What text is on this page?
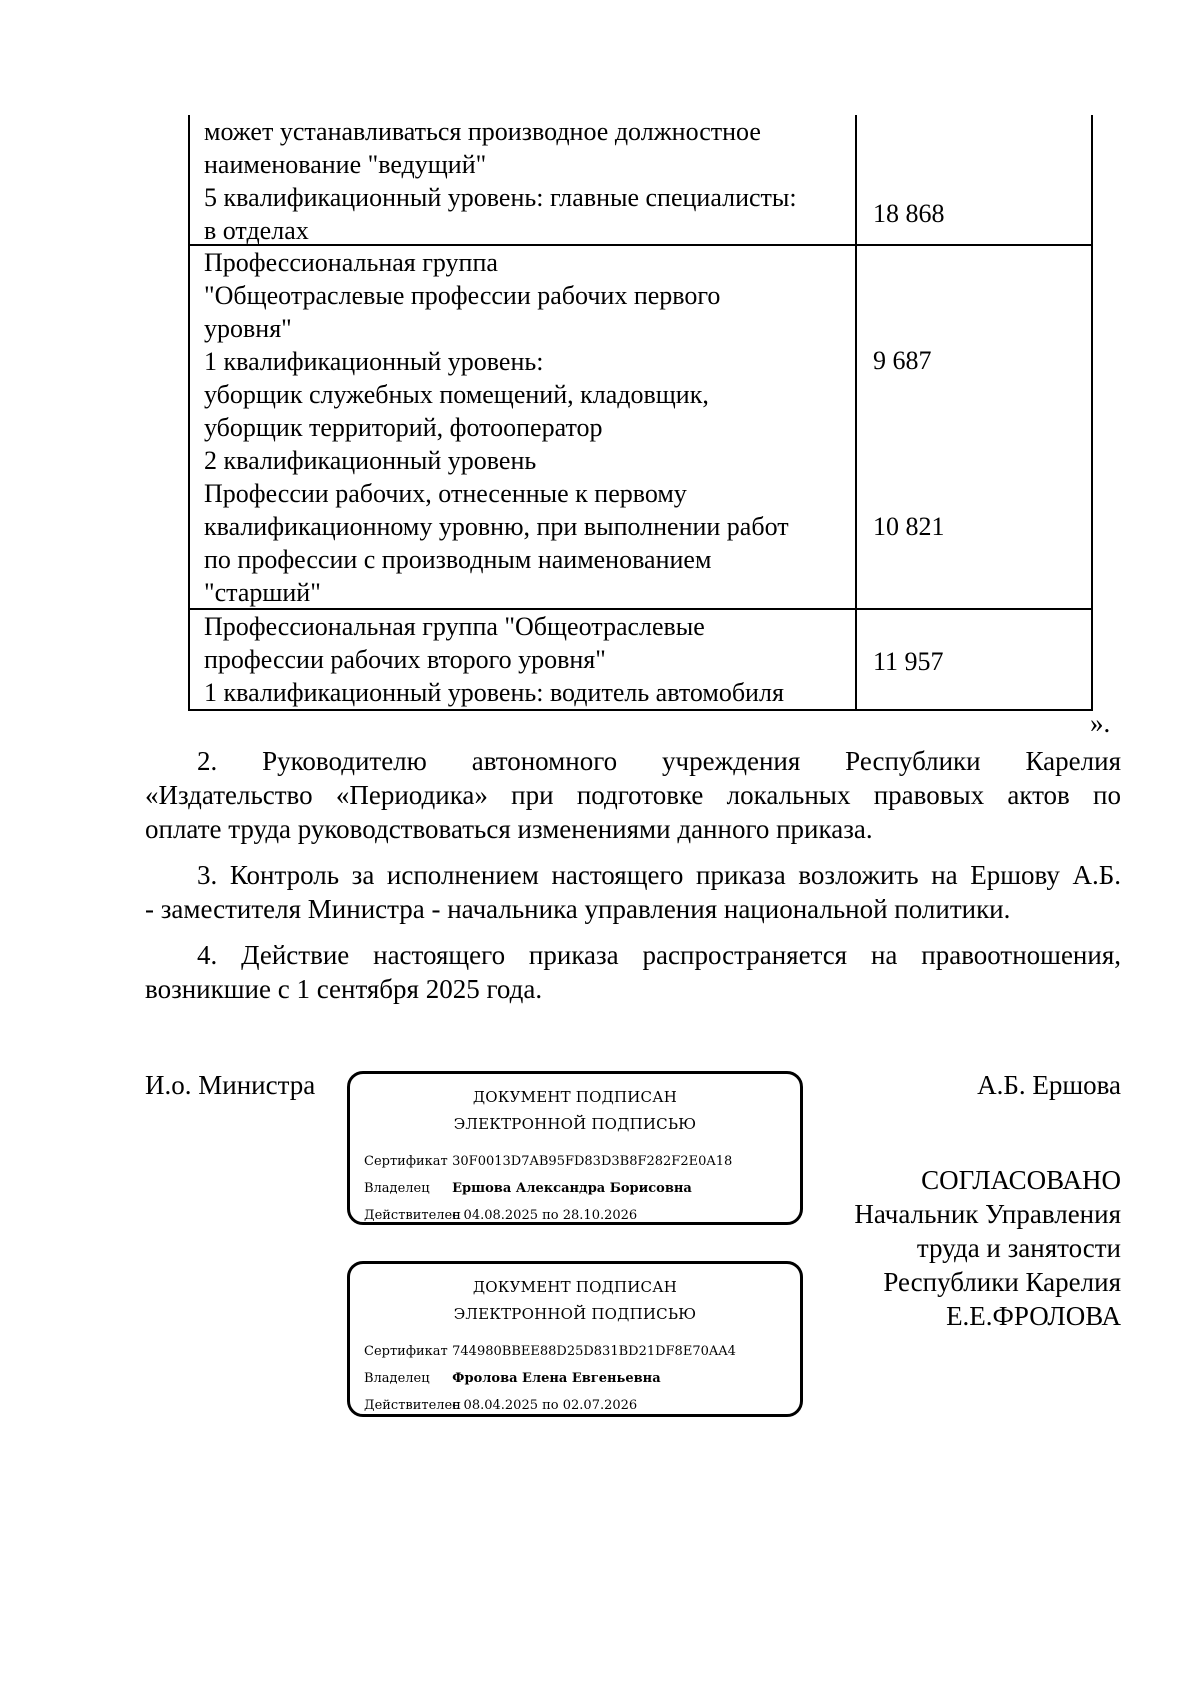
может устанавливаться производное должностное
наименование "ведущий"
5 квалификационный уровень: главные специалисты:
в отделах
18 868
Профессиональная группа
"Общеотраслевые профессии рабочих первого
уровня"
1 квалификационный уровень:
уборщик служебных помещений, кладовщик,
уборщик территорий, фотооператор
2 квалификационный уровень
Профессии рабочих, отнесенные к первому
квалификационному уровню, при выполнении работ
по профессии с производным наименованием
"старший"
9 687
10 821
Профессиональная группа "Общеотраслевые
профессии рабочих второго уровня"
1 квалификационный уровень: водитель автомобиля
11 957
».
2. Руководителю автономного учреждения Республики Карелия
«Издательство «Периодика» при подготовке локальных правовых актов по
оплате труда руководствоваться изменениями данного приказа.
3. Контроль за исполнением настоящего приказа возложить на Ершову А.Б.
- заместителя Министра - начальника управления национальной политики.
4. Действие настоящего приказа распространяется на правоотношения,
возникшие с 1 сентября 2025 года.
И.о. Министра	А.Б. Ершова
СОГЛАСОВАНО
Начальник Управления
труда и занятости
Республики Карелия
Е.Е.ФРОЛОВА
ДОКУМЕНТ ПОДПИСАН
ЭЛЕКТРОННОЙ ПОДПИСЬЮ
Сертификат 30F0013D7AB95FD83D3B8F282F2E0A18
Владелец Ершова Александра Борисовна
Действителен с 04.08.2025 по 28.10.2026
ДОКУМЕНТ ПОДПИСАН
ЭЛЕКТРОННОЙ ПОДПИСЬЮ
Сертификат 744980BBEE88D25D831BD21DF8E70AA4
Владелец Фролова Елена Евгеньевна
Действителен с 08.04.2025 по 02.07.2026
